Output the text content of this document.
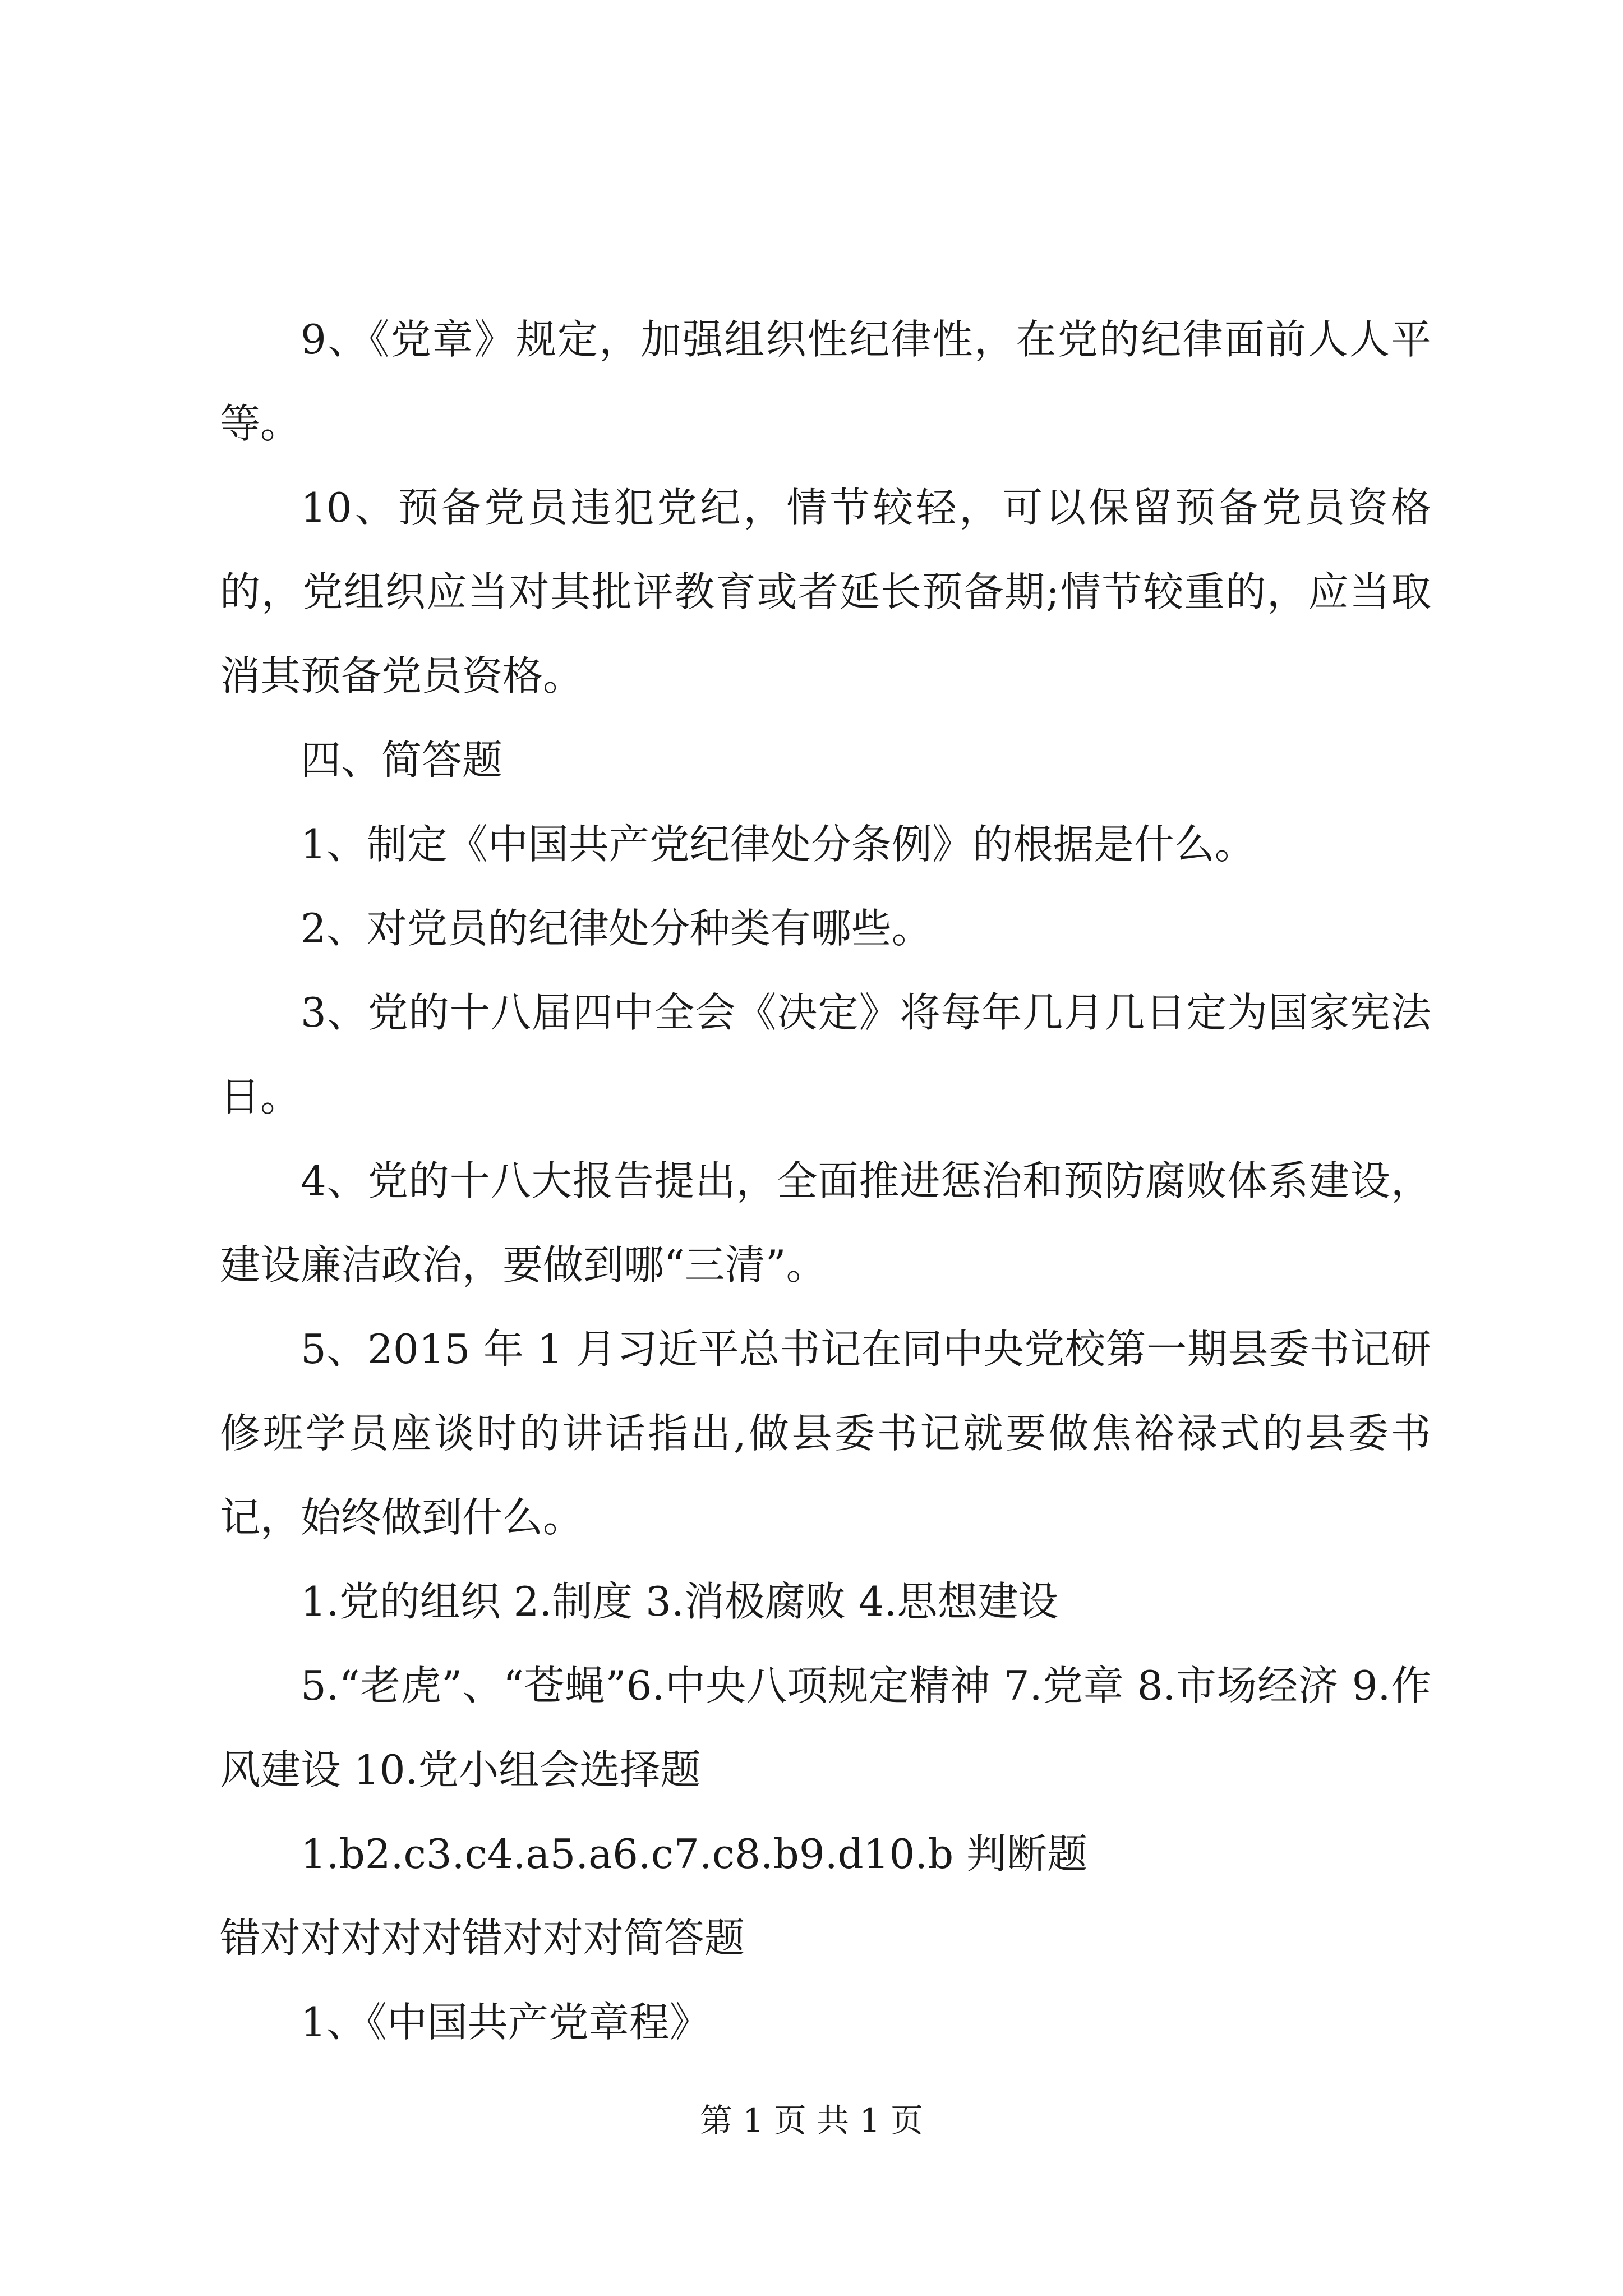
9、《党章》规定，加强组织性纪律性，在党的纪律面前人人平等。

10、预备党员违犯党纪，情节较轻，可以保留预备党员资格的，党组织应当对其批评教育或者延长预备期;情节较重的，应当取消其预备党员资格。

四、简答题

1、制定《中国共产党纪律处分条例》的根据是什么。

2、对党员的纪律处分种类有哪些。

3、党的十八届四中全会《决定》将每年几月几日定为国家宪法日。

4、党的十八大报告提出，全面推进惩治和预防腐败体系建设，建设廉洁政治，要做到哪“三清”。

5、2015 年 1 月习近平总书记在同中央党校第一期县委书记研修班学员座谈时的讲话指出,做县委书记就要做焦裕禄式的县委书记，始终做到什么。

1.党的组织 2.制度 3.消极腐败 4.思想建设

5.“老虎”、“苍蝇”6.中央八项规定精神 7.党章 8.市场经济 9.作风建设 10.党小组会选择题

1.b2.c3.c4.a5.a6.c7.c8.b9.d10.b 判断题

错对对对对对错对对对简答题

1、《中国共产党章程》

第 1 页 共 1 页
